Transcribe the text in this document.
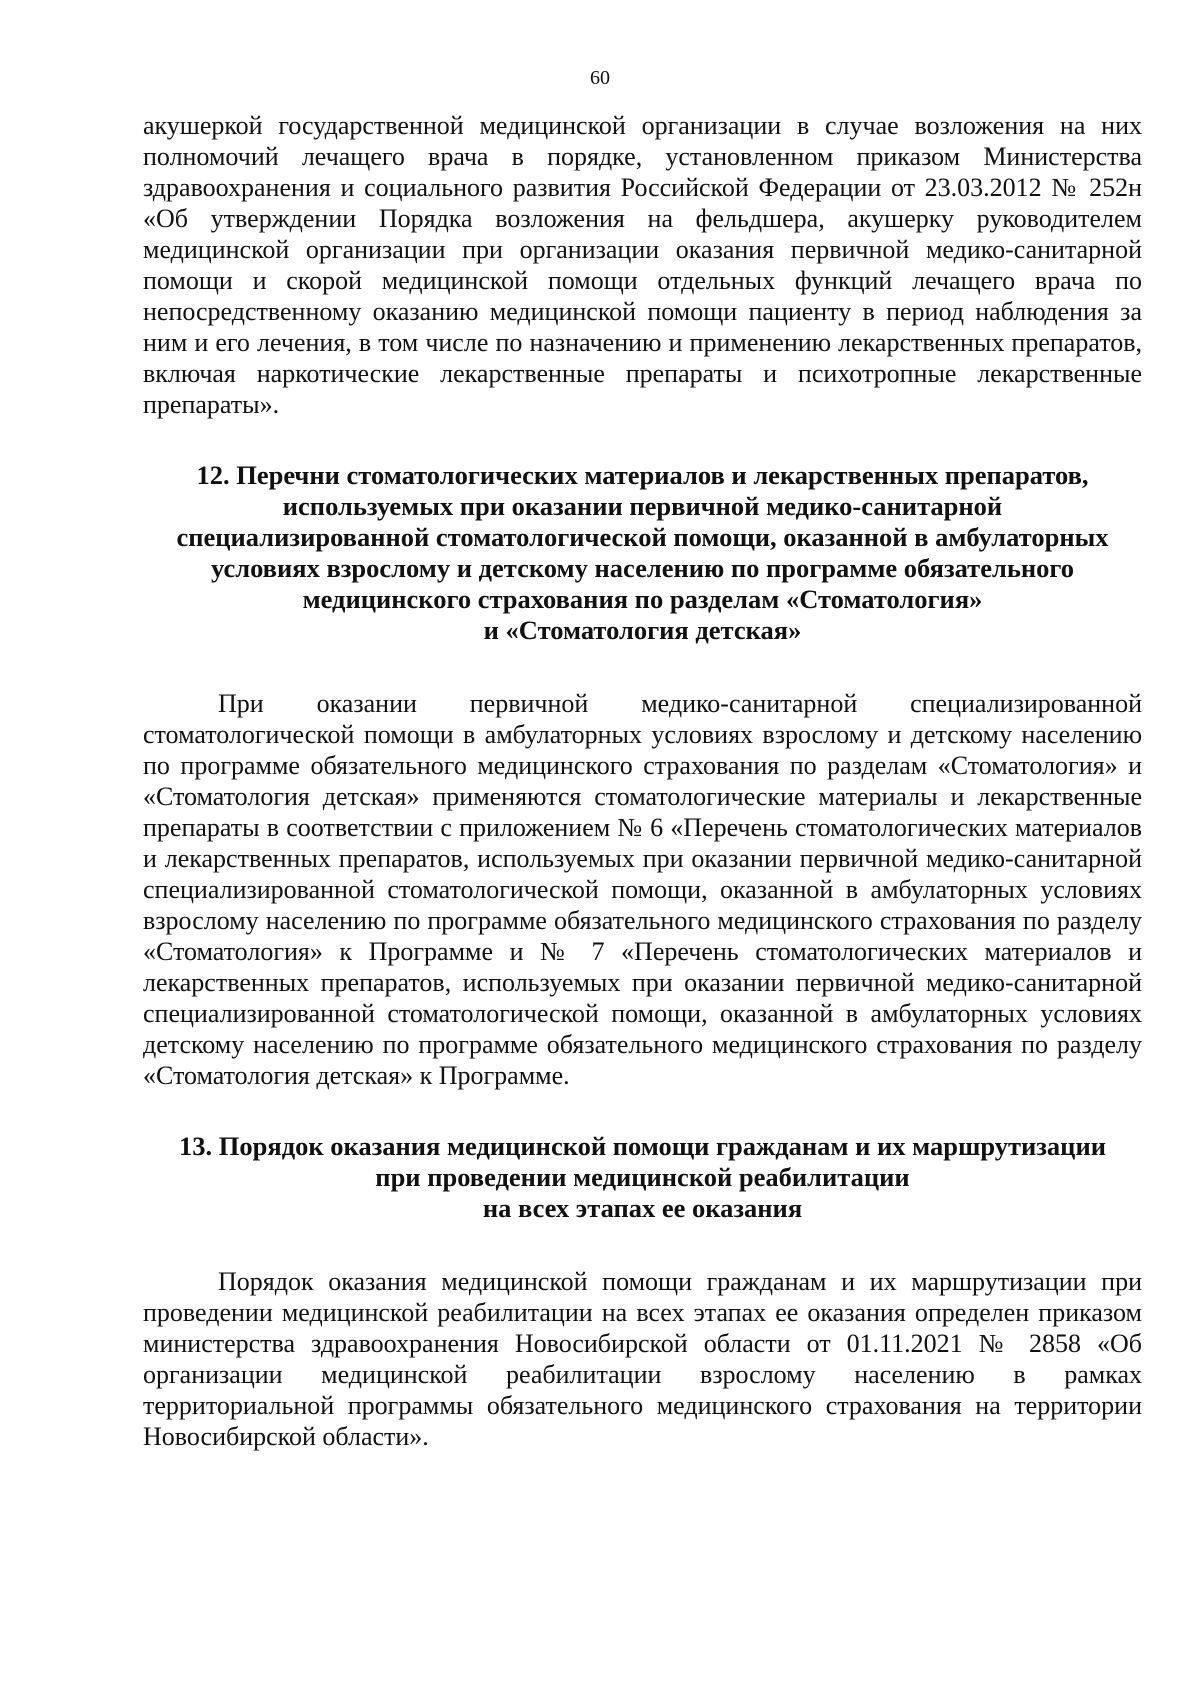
60

акушеркой государственной медицинской организации в случае возложения на них полномочий лечащего врача в порядке, установленном приказом Министерства здравоохранения и социального развития Российской Федерации от 23.03.2012 № 252н «Об утверждении Порядка возложения на фельдшера, акушерку руководителем медицинской организации при организации оказания первичной медико-санитарной помощи и скорой медицинской помощи отдельных функций лечащего врача по непосредственному оказанию медицинской помощи пациенту в период наблюдения за ним и его лечения, в том числе по назначению и применению лекарственных препаратов, включая наркотические лекарственные препараты и психотропные лекарственные препараты».

12. Перечни стоматологических материалов и лекарственных препаратов,
используемых при оказании первичной медико-санитарной
специализированной стоматологической помощи, оказанной в амбулаторных
условиях взрослому и детскому населению по программе обязательного
медицинского страхования по разделам «Стоматология»
и «Стоматология детская»

При оказании первичной медико-санитарной специализированной стоматологической помощи в амбулаторных условиях взрослому и детскому населению по программе обязательного медицинского страхования по разделам «Стоматология» и «Стоматология детская» применяются стоматологические материалы и лекарственные препараты в соответствии с приложением № 6 «Перечень стоматологических материалов и лекарственных препаратов, используемых при оказании первичной медико-санитарной специализированной стоматологической помощи, оказанной в амбулаторных условиях взрослому населению по программе обязательного медицинского страхования по разделу «Стоматология» к Программе и № 7 «Перечень стоматологических материалов и лекарственных препаратов, используемых при оказании первичной медико-санитарной специализированной стоматологической помощи, оказанной в амбулаторных условиях детскому населению по программе обязательного медицинского страхования по разделу «Стоматология детская» к Программе.

13. Порядок оказания медицинской помощи гражданам и их маршрутизации
при проведении медицинской реабилитации
на всех этапах ее оказания

Порядок оказания медицинской помощи гражданам и их маршрутизации при проведении медицинской реабилитации на всех этапах ее оказания определен приказом министерства здравоохранения Новосибирской области от 01.11.2021 № 2858 «Об организации медицинской реабилитации взрослому населению в рамках территориальной программы обязательного медицинского страхования на территории Новосибирской области».
